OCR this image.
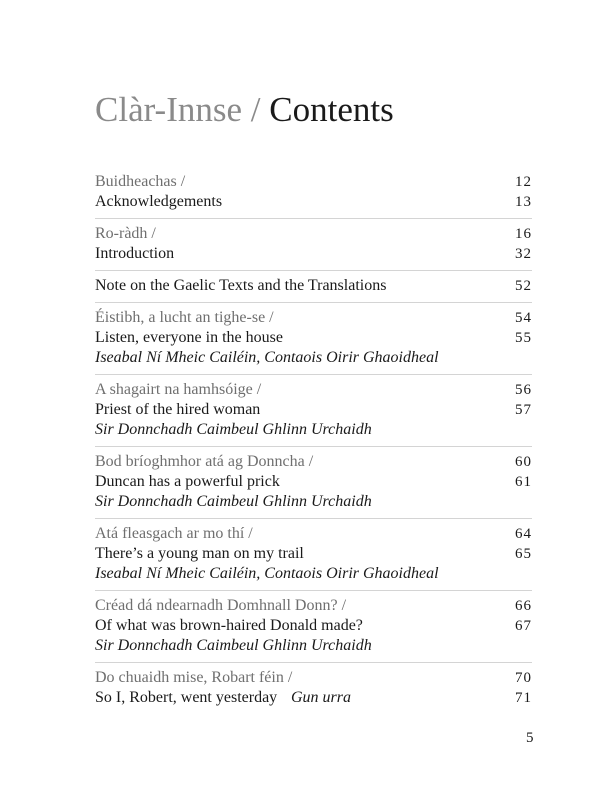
Clàr-Innse / Contents
Buidheachas /	12
Acknowledgements	13
Ro-ràdh /	16
Introduction	32
Note on the Gaelic Texts and the Translations	52
Éistibh, a lucht an tighe-se /	54
Listen, everyone in the house	55
Iseabal Ní Mheic Cailéin, Contaois Oirir Ghaoidheal
A shagairt na hamhsóige /	56
Priest of the hired woman	57
Sir Donnchadh Caimbeul Ghlinn Urchaidh
Bod bríoghmhor atá ag Donncha /	60
Duncan has a powerful prick	61
Sir Donnchadh Caimbeul Ghlinn Urchaidh
Atá fleasgach ar mo thí /	64
There’s a young man on my trail	65
Iseabal Ní Mheic Cailéin, Contaois Oirir Ghaoidheal
Créad dá ndearnadh Domhnall Donn? /	66
Of what was brown-haired Donald made?	67
Sir Donnchadh Caimbeul Ghlinn Urchaidh
Do chuaidh mise, Robart féin /	70
So I, Robert, went yesterday Gun urra	71
5
